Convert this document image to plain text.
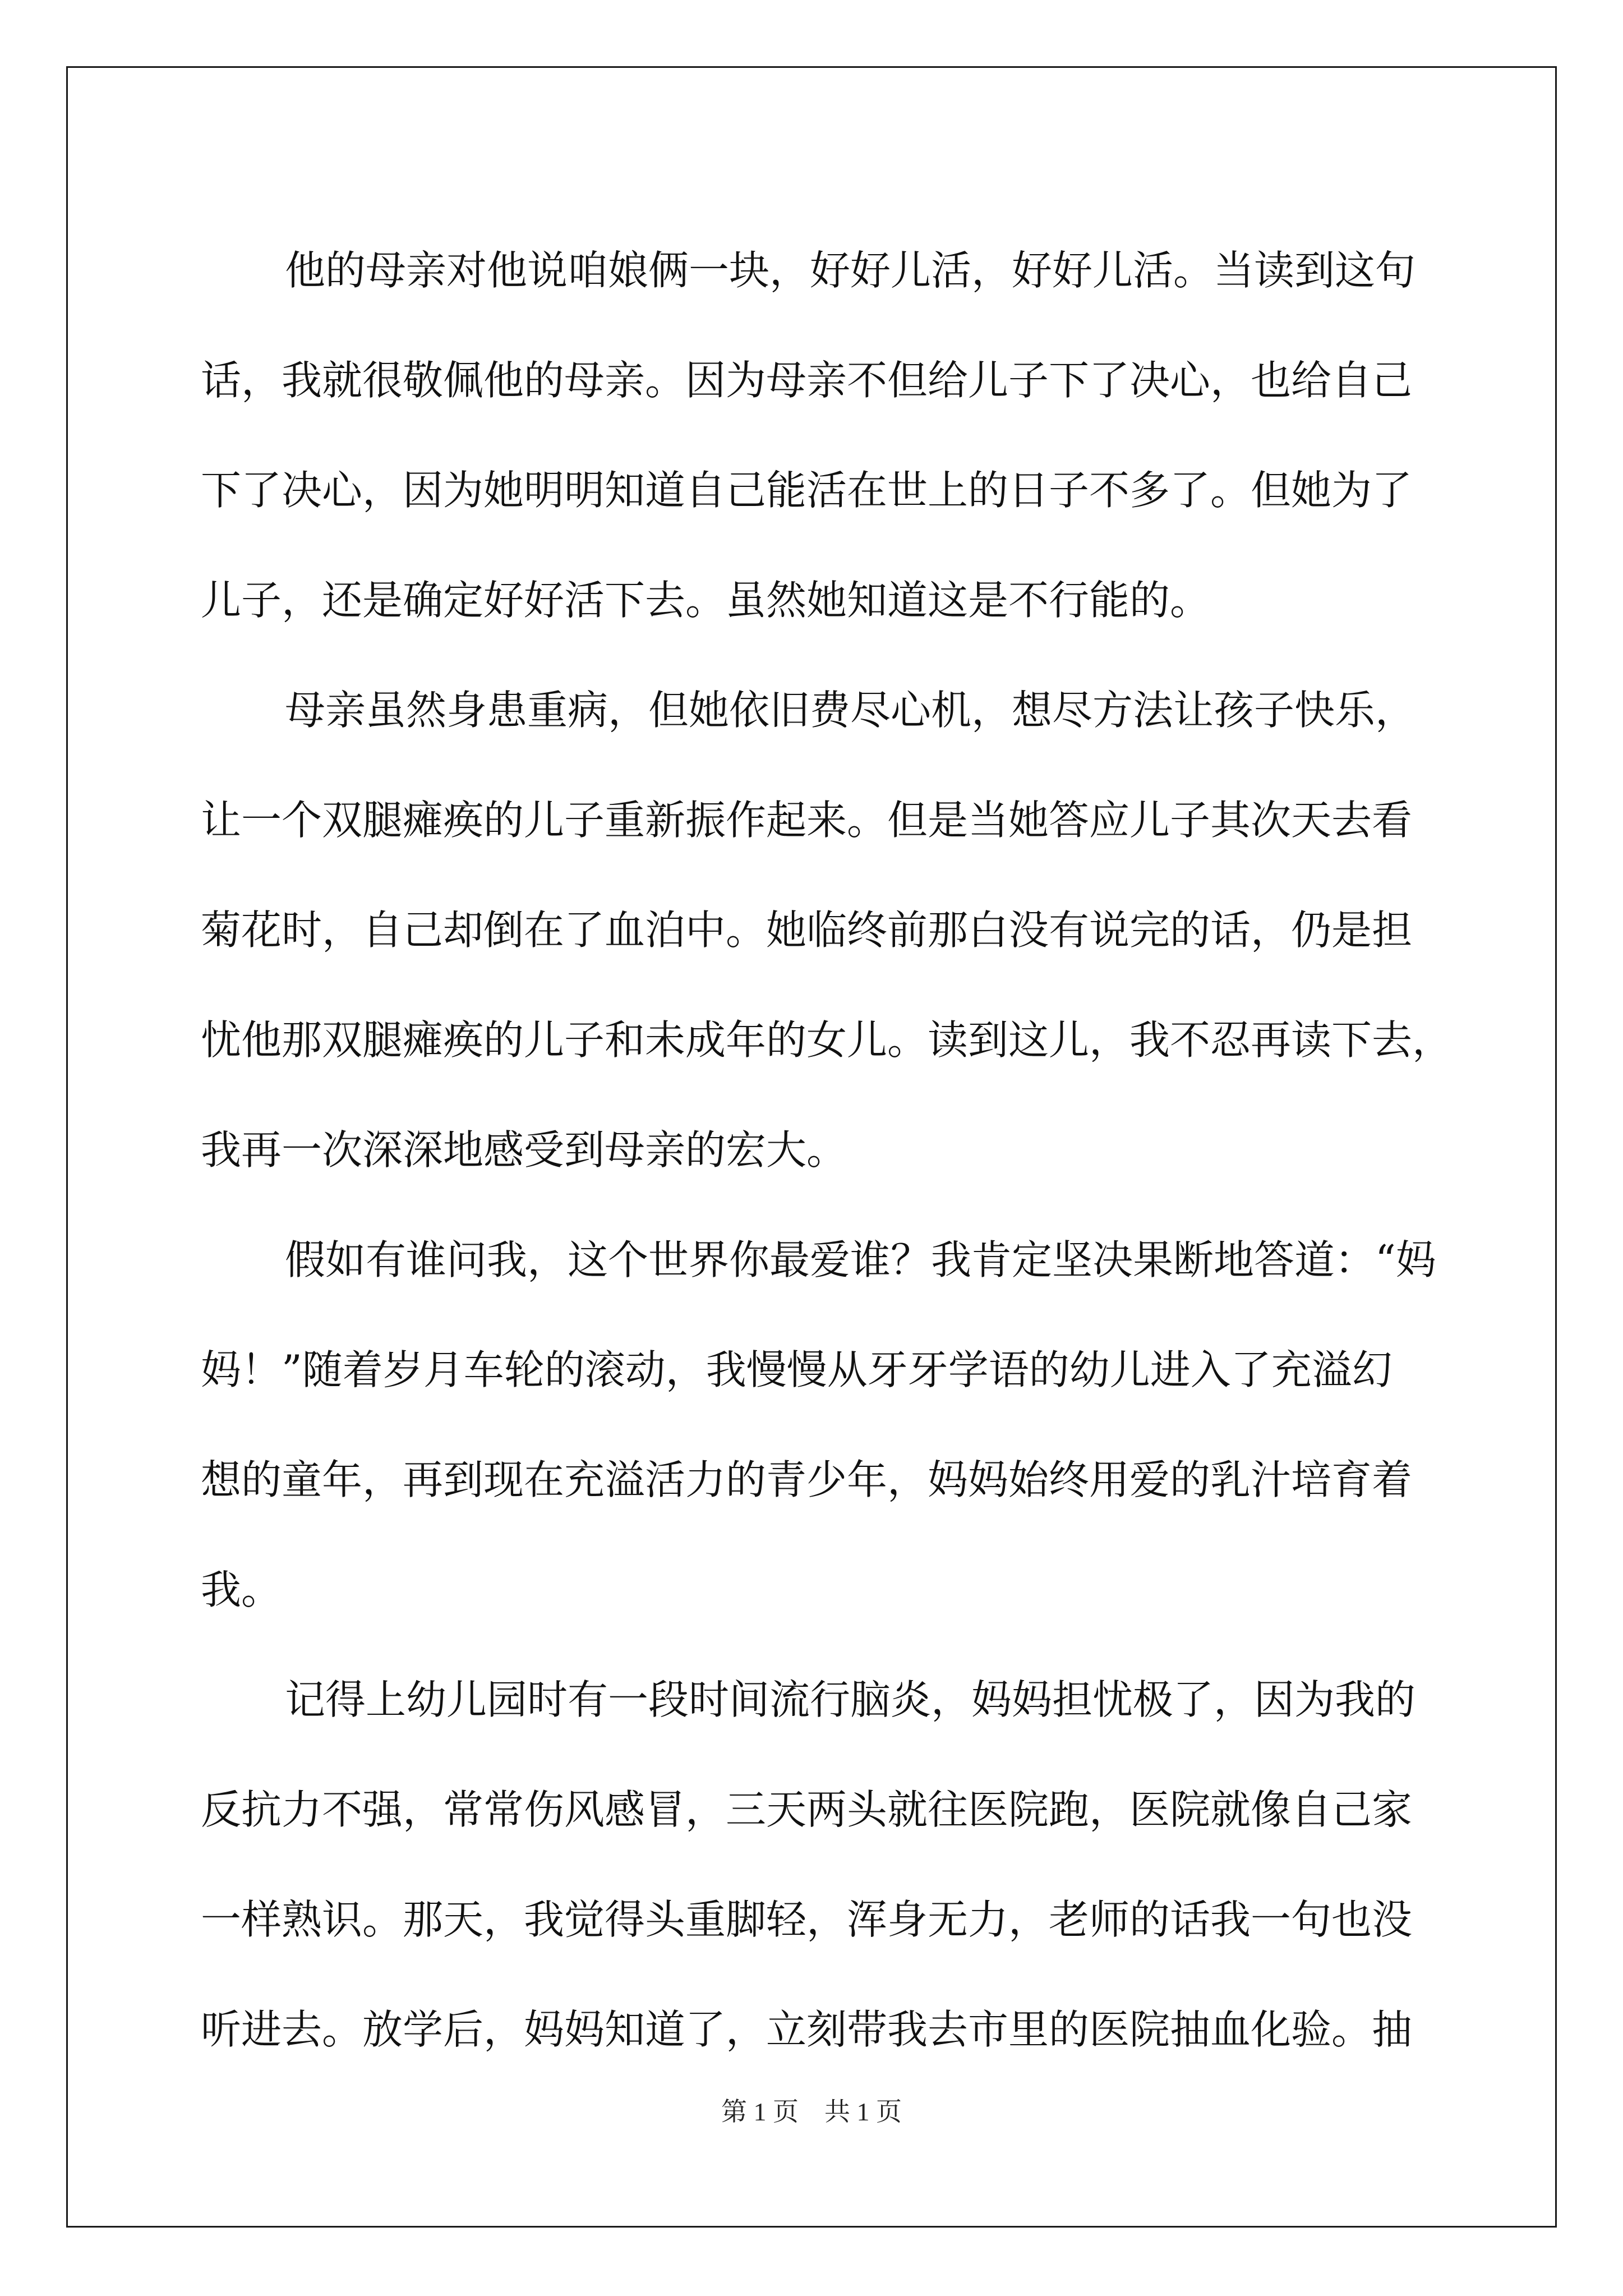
他的母亲对他说咱娘俩一块，好好儿活，好好儿活。当读到这句
话，我就很敬佩他的母亲。因为母亲不但给儿子下了决心，也给自己
下了决心，因为她明明知道自己能活在世上的日子不多了。但她为了
儿子，还是确定好好活下去。虽然她知道这是不行能的。
母亲虽然身患重病，但她依旧费尽心机，想尽方法让孩子快乐，
让一个双腿瘫痪的儿子重新振作起来。但是当她答应儿子其次天去看
菊花时，自己却倒在了血泊中。她临终前那白没有说完的话，仍是担
忧他那双腿瘫痪的儿子和未成年的女儿。读到这儿，我不忍再读下去，
我再一次深深地感受到母亲的宏大。
假如有谁问我，这个世界你最爱谁？我肯定坚决果断地答道：“妈
妈！”随着岁月车轮的滚动，我慢慢从牙牙学语的幼儿进入了充溢幻
想的童年，再到现在充溢活力的青少年，妈妈始终用爱的乳汁培育着
我。
记得上幼儿园时有一段时间流行脑炎，妈妈担忧极了，因为我的
反抗力不强，常常伤风感冒，三天两头就往医院跑，医院就像自己家
一样熟识。那天，我觉得头重脚轻，浑身无力，老师的话我一句也没
听进去。放学后，妈妈知道了，立刻带我去市里的医院抽血化验。抽
第 1 页 共 1 页
